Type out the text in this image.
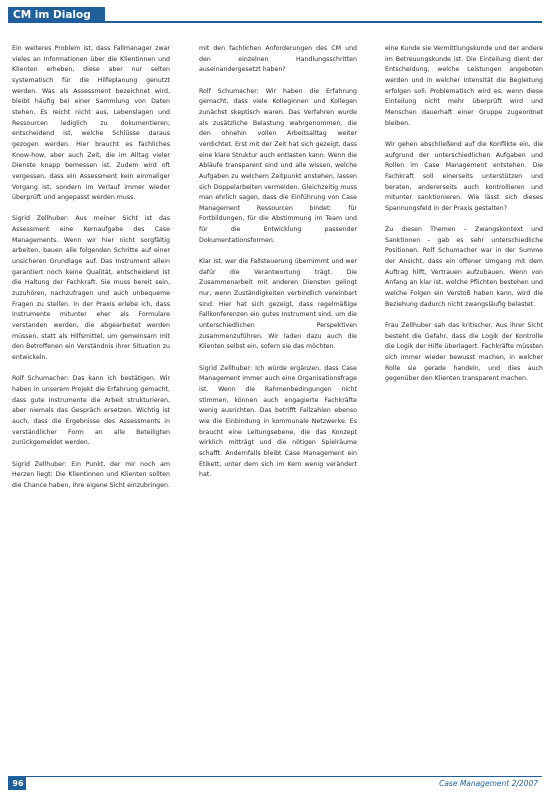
CM im Dialog

Ein weiteres Problem ist, dass Fallmanager zwar vieles an Informationen über die Klientinnen und Klienten erheben, diese aber nur selten systematisch für die Hilfeplanung genutzt werden. Was als Assessment bezeichnet wird, bleibt häufig bei einer Sammlung von Daten stehen. Es reicht nicht aus, Lebenslagen und Ressourcen lediglich zu dokumentieren; entscheidend ist, welche Schlüsse daraus gezogen werden. Hier braucht es fachliches Know-how, aber auch Zeit, die im Alltag vieler Dienste knapp bemessen ist. Zudem wird oft vergessen, dass ein Assessment kein einmaliger Vorgang ist, sondern im Verlauf immer wieder überprüft und angepasst werden muss.

Sigrid Zellhuber: Aus meiner Sicht ist das Assessment eine Kernaufgabe des Case Managements. Wenn wir hier nicht sorgfältig arbeiten, bauen alle folgenden Schritte auf einer unsicheren Grundlage auf. Das Instrument allein garantiert noch keine Qualität, entscheidend ist die Haltung der Fachkraft. Sie muss bereit sein, zuzuhören, nachzufragen und auch unbequeme Fragen zu stellen. In der Praxis erlebe ich, dass Instrumente mitunter eher als Formulare verstanden werden, die abgearbeitet werden müssen, statt als Hilfsmittel, um gemeinsam mit den Betroffenen ein Verständnis ihrer Situation zu entwickeln.

Rolf Schumacher: Das kann ich bestätigen. Wir haben in unserem Projekt die Erfahrung gemacht, dass gute Instrumente die Arbeit strukturieren, aber niemals das Gespräch ersetzen. Wichtig ist auch, dass die Ergebnisse des Assessments in verständlicher Form an alle Beteiligten zurückgemeldet werden.

Sigrid Zellhuber: Ein Punkt, der mir noch am Herzen liegt: Die Klientinnen und Klienten sollten die Chance haben, ihre eigene Sicht einzubringen.

mit den fachlichen Anforderungen des CM und den einzelnen Handlungsschritten auseinandergesetzt haben?

Rolf Schumacher: Wir haben die Erfahrung gemacht, dass viele Kolleginnen und Kollegen zunächst skeptisch waren. Das Verfahren wurde als zusätzliche Belastung wahrgenommen, die den ohnehin vollen Arbeitsalltag weiter verdichtet. Erst mit der Zeit hat sich gezeigt, dass eine klare Struktur auch entlasten kann. Wenn die Abläufe transparent sind und alle wissen, welche Aufgaben zu welchem Zeitpunkt anstehen, lassen sich Doppelarbeiten vermeiden. Gleichzeitig muss man ehrlich sagen, dass die Einführung von Case Management Ressourcen bindet: für Fortbildungen, für die Abstimmung im Team und für die Entwicklung passender Dokumentationsformen.

Klar ist, wer die Fallsteuerung übernimmt und wer dafür die Verantwortung trägt. Die Zusammenarbeit mit anderen Diensten gelingt nur, wenn Zuständigkeiten verbindlich vereinbart sind. Hier hat sich gezeigt, dass regelmäßige Fallkonferenzen ein gutes Instrument sind, um die unterschiedlichen Perspektiven zusammenzuführen. Wir laden dazu auch die Klienten selbst ein, sofern sie das möchten.

Sigrid Zellhuber: Ich würde ergänzen, dass Case Management immer auch eine Organisationsfrage ist. Wenn die Rahmenbedingungen nicht stimmen, können auch engagierte Fachkräfte wenig ausrichten. Das betrifft Fallzahlen ebenso wie die Einbindung in kommunale Netzwerke. Es braucht eine Leitungsebene, die das Konzept wirklich mitträgt und die nötigen Spielräume schafft. Andernfalls bleibt Case Management ein Etikett, unter dem sich im Kern wenig verändert hat.

eine Kunde sie Vermittlungskunde und der andere im Betreuungskunde ist. Die Einteilung dient der Entscheidung, welche Leistungen angeboten werden und in welcher Intensität die Begleitung erfolgen soll. Problematisch wird es, wenn diese Einteilung nicht mehr überprüft wird und Menschen dauerhaft einer Gruppe zugeordnet bleiben.

Wir gehen abschließend auf die Konflikte ein, die aufgrund der unterschiedlichen Aufgaben und Rollen im Case Management entstehen. Die Fachkraft soll einerseits unterstützen und beraten, andererseits auch kontrollieren und mitunter sanktionieren. Wie lässt sich dieses Spannungsfeld in der Praxis gestalten?

Zu diesen Themen – Zwangskontext und Sanktionen – gab es sehr unterschiedliche Positionen. Rolf Schumacher war in der Summe der Ansicht, dass ein offener Umgang mit dem Auftrag hilft, Vertrauen aufzubauen. Wenn von Anfang an klar ist, welche Pflichten bestehen und welche Folgen ein Verstoß haben kann, wird die Beziehung dadurch nicht zwangsläufig belastet.

Frau Zellhuber sah das kritischer. Aus ihrer Sicht besteht die Gefahr, dass die Logik der Kontrolle die Logik der Hilfe überlagert. Fachkräfte müssten sich immer wieder bewusst machen, in welcher Rolle sie gerade handeln, und dies auch gegenüber den Klienten transparent machen.

96	Case Management 2/2007
